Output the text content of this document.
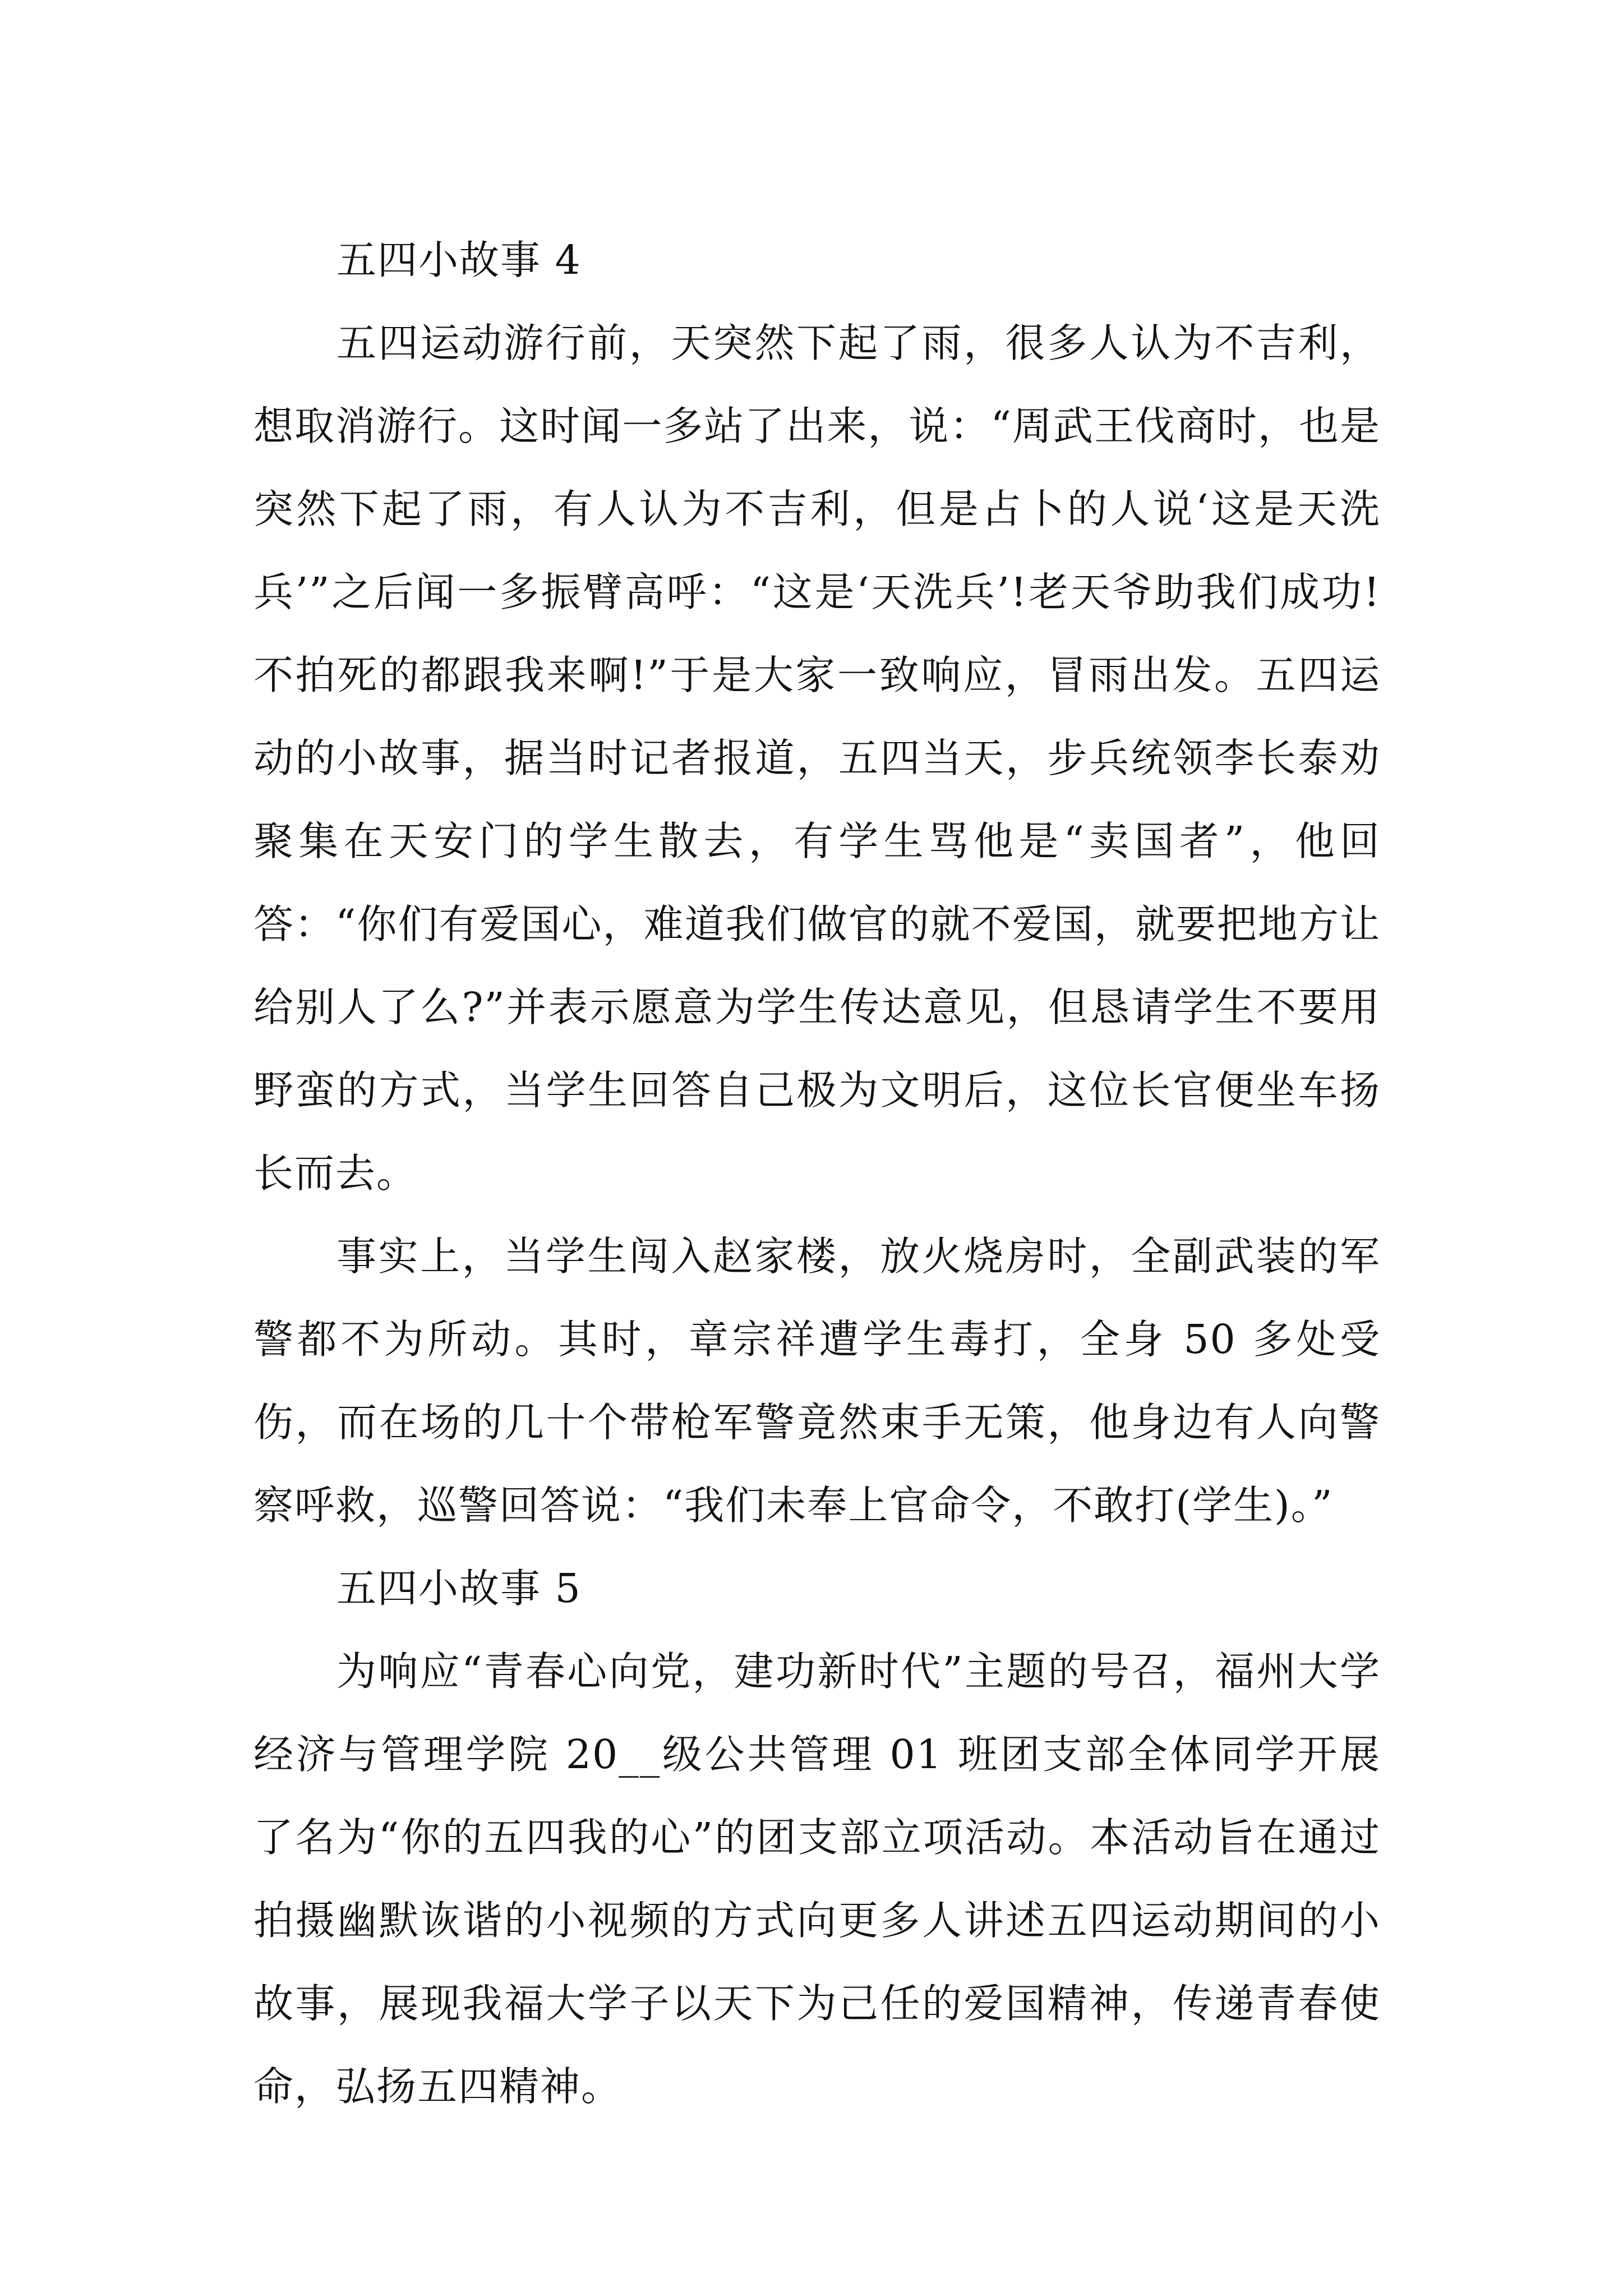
五四小故事 4

五四运动游行前，天突然下起了雨，很多人认为不吉利，想取消游行。这时闻一多站了出来，说：“周武王伐商时，也是突然下起了雨，有人认为不吉利，但是占卜的人说‘这是天洗兵’”之后闻一多振臂高呼：“这是‘天洗兵’!老天爷助我们成功!不拍死的都跟我来啊!”于是大家一致响应，冒雨出发。五四运动的小故事，据当时记者报道，五四当天，步兵统领李长泰劝聚集在天安门的学生散去，有学生骂他是“卖国者”，他回答：“你们有爱国心，难道我们做官的就不爱国，就要把地方让给别人了么?”并表示愿意为学生传达意见，但恳请学生不要用野蛮的方式，当学生回答自己极为文明后，这位长官便坐车扬长而去。

事实上，当学生闯入赵家楼，放火烧房时，全副武装的军警都不为所动。其时，章宗祥遭学生毒打，全身 50 多处受伤，而在场的几十个带枪军警竟然束手无策，他身边有人向警察呼救，巡警回答说：“我们未奉上官命令，不敢打(学生)。”

五四小故事 5

为响应“青春心向党，建功新时代”主题的号召，福州大学经济与管理学院 20__级公共管理 01 班团支部全体同学开展了名为“你的五四我的心”的团支部立项活动。本活动旨在通过拍摄幽默诙谐的小视频的方式向更多人讲述五四运动期间的小故事，展现我福大学子以天下为己任的爱国精神，传递青春使命，弘扬五四精神。
